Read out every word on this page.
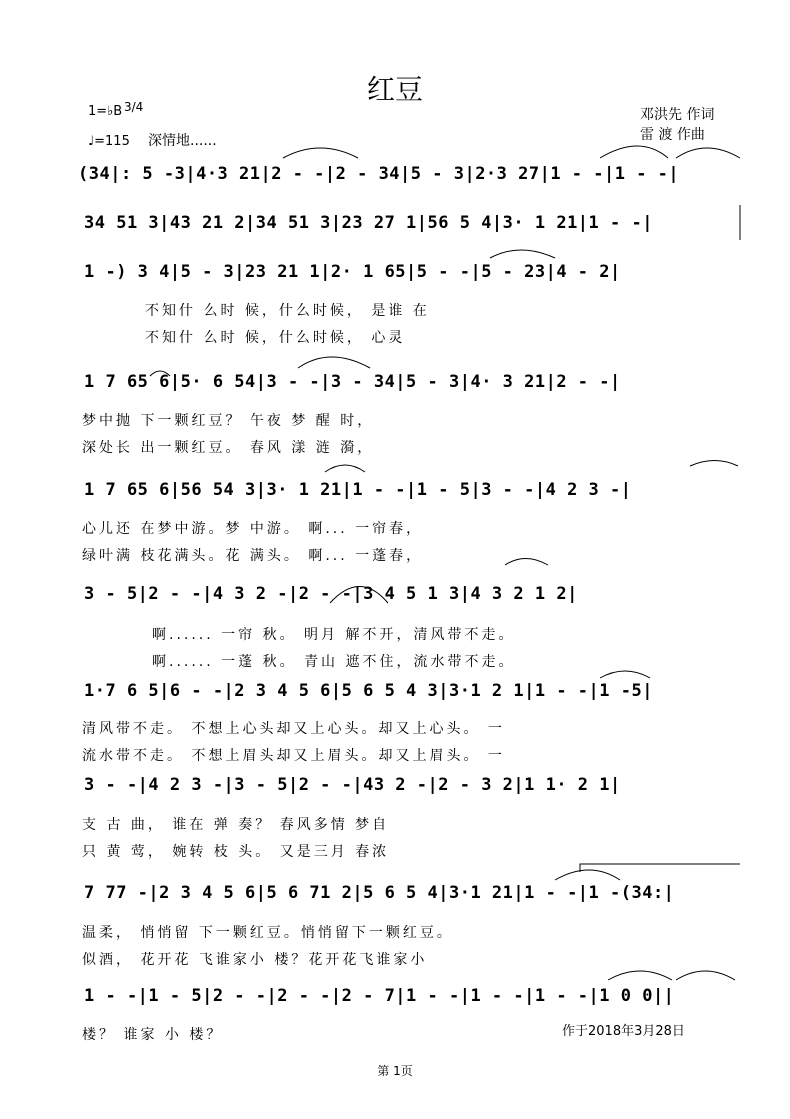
红豆
1=♭B 3/4
♩=115 深情地......
邓洪先 作词
雷 渡 作曲
(34|: 5 -3|4·3 21|2 - -|2 - 34|5 - 3|2·3 27|1 - -|1 - -|
34 51 3|43 21 2|34 51 3|23 27 1|56 5 4|3· 1 21|1 - -|
1 -) 3 4|5 - 3|23 21 1|2· 1 65|5 - -|5 - 23|4 - 2|
不知什 么时 候，什么时候， 是谁 在
不知什 么时 候，什么时候， 心灵
1 7 65 6|5· 6 54|3 - -|3 - 34|5 - 3|4· 3 21|2 - -|
梦中抛 下一颗红豆？ 午夜 梦 醒 时，
深处长 出一颗红豆。 春风 漾 涟 漪，
1 7 65 6|56 54 3|3· 1 21|1 - -|1 - 5|3 - -|4 2 3 -|
心儿还 在梦中游。梦 中游。 啊... 一帘春，
绿叶满 枝花满头。花 满头。 啊... 一蓬春，
3 - 5|2 - -|4 3 2 -|2 - -|3 4 5 1 3|4 3 2 1 2|
啊...... 一帘 秋。 明月 解不开，清风带不走。
啊...... 一蓬 秋。 青山 遮不住，流水带不走。
1·7 6 5|6 - -|2 3 4 5 6|5 6 5 4 3|3·1 2 1|1 - -|1 -5|
清风带不走。 不想上心头却又上心头。却又上心头。 一
流水带不走。 不想上眉头却又上眉头。却又上眉头。 一
3 - -|4 2 3 -|3 - 5|2 - -|43 2 -|2 - 3 2|1 1· 2 1|
支 古 曲， 谁在 弹 奏？ 春风多情 梦自
只 黄 莺， 婉转 枝 头。 又是三月 春浓
7 77 -|2 3 4 5 6|5 6 71 2|5 6 5 4|3·1 21|1 - -|1 -(34:|
温柔， 悄悄留 下一颗红豆。悄悄留下一颗红豆。
似酒， 花开花 飞谁家小 楼？花开花飞谁家小
1 - -|1 - 5|2 - -|2 - -|2 - 7|1 - -|1 - -|1 - -|1 0 0||
楼？ 谁家 小 楼？	作于2018年3月28日
第 1页
